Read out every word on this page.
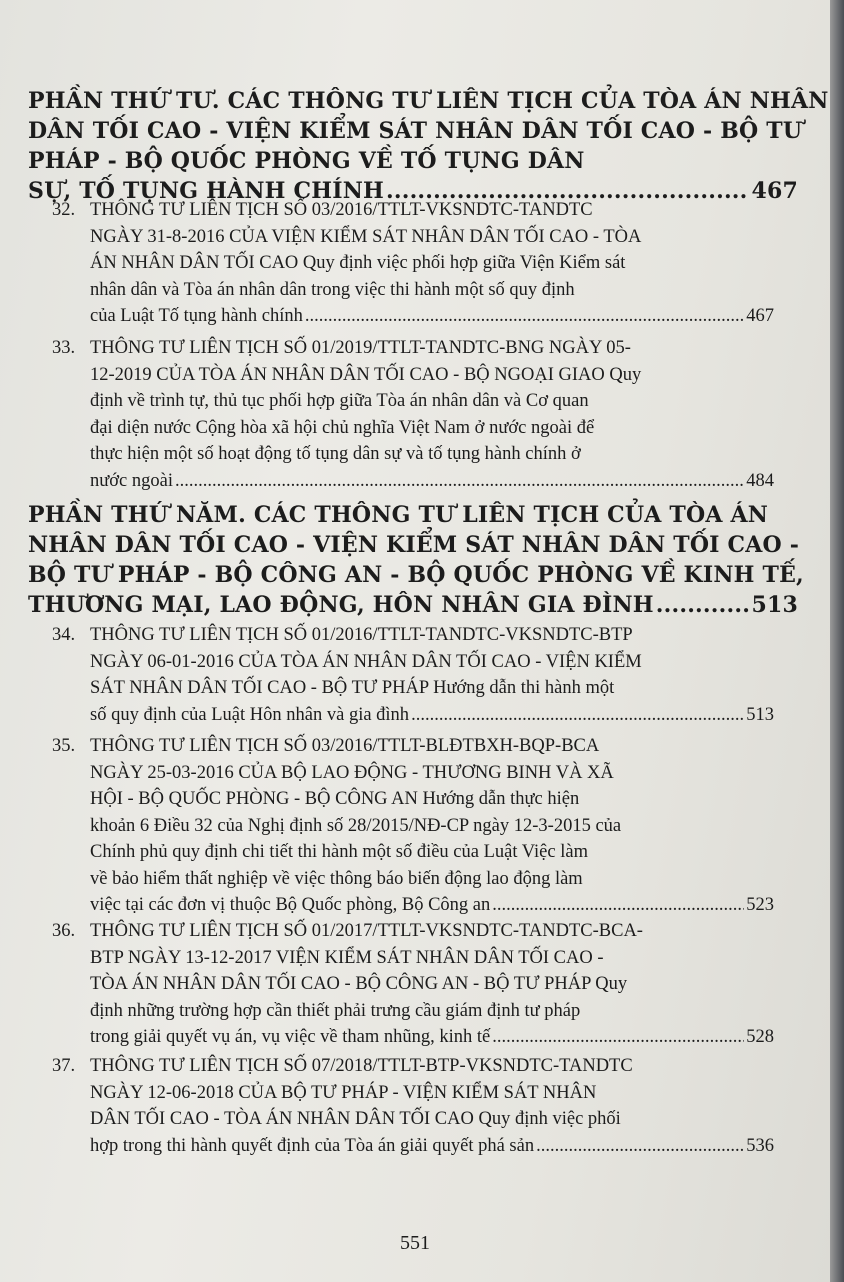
PHẦN THỨ TƯ. CÁC THÔNG TƯ LIÊN TỊCH CỦA TÒA ÁN NHÂN
DÂN TỐI CAO - VIỆN KIỂM SÁT NHÂN DÂN TỐI CAO - BỘ TƯ
PHÁP - BỘ QUỐC PHÒNG VỀ TỐ TỤNG DÂN
SỰ, TỐ TỤNG HÀNH CHÍNH .....	467
32. THÔNG TƯ LIÊN TỊCH SỐ 03/2016/TTLT-VKSNDTC-TANDTC
NGÀY 31-8-2016 CỦA VIỆN KIỂM SÁT NHÂN DÂN TỐI CAO - TÒA
ÁN NHÂN DÂN TỐI CAO Quy định việc phối hợp giữa Viện Kiểm sát
nhân dân và Tòa án nhân dân trong việc thi hành một số quy định
của Luật Tố tụng hành chính .....	467
33. THÔNG TƯ LIÊN TỊCH SỐ 01/2019/TTLT-TANDTC-BNG NGÀY 05-
12-2019 CỦA TÒA ÁN NHÂN DÂN TỐI CAO - BỘ NGOẠI GIAO Quy
định về trình tự, thủ tục phối hợp giữa Tòa án nhân dân và Cơ quan
đại diện nước Cộng hòa xã hội chủ nghĩa Việt Nam ở nước ngoài để
thực hiện một số hoạt động tố tụng dân sự và tố tụng hành chính ở
nước ngoài .....	484
PHẦN THỨ NĂM. CÁC THÔNG TƯ LIÊN TỊCH CỦA TÒA ÁN
NHÂN DÂN TỐI CAO - VIỆN KIỂM SÁT NHÂN DÂN TỐI CAO -
BỘ TƯ PHÁP - BỘ CÔNG AN - BỘ QUỐC PHÒNG VỀ KINH TẾ,
THƯƠNG MẠI, LAO ĐỘNG, HÔN NHÂN GIA ĐÌNH .....	513
34. THÔNG TƯ LIÊN TỊCH SỐ 01/2016/TTLT-TANDTC-VKSNDTC-BTP
NGÀY 06-01-2016 CỦA TÒA ÁN NHÂN DÂN TỐI CAO - VIỆN KIỂM
SÁT NHÂN DÂN TỐI CAO - BỘ TƯ PHÁP Hướng dẫn thi hành một
số quy định của Luật Hôn nhân và gia đình .....	513
35. THÔNG TƯ LIÊN TỊCH SỐ 03/2016/TTLT-BLĐTBXH-BQP-BCA
NGÀY 25-03-2016 CỦA BỘ LAO ĐỘNG - THƯƠNG BINH VÀ XÃ
HỘI - BỘ QUỐC PHÒNG - BỘ CÔNG AN Hướng dẫn thực hiện
khoản 6 Điều 32 của Nghị định số 28/2015/NĐ-CP ngày 12-3-2015 của
Chính phủ quy định chi tiết thi hành một số điều của Luật Việc làm
về bảo hiểm thất nghiệp về việc thông báo biến động lao động làm
việc tại các đơn vị thuộc Bộ Quốc phòng, Bộ Công an .....	523
36. THÔNG TƯ LIÊN TỊCH SỐ 01/2017/TTLT-VKSNDTC-TANDTC-BCA-
BTP NGÀY 13-12-2017 VIỆN KIỂM SÁT NHÂN DÂN TỐI CAO -
TÒA ÁN NHÂN DÂN TỐI CAO - BỘ CÔNG AN - BỘ TƯ PHÁP Quy
định những trường hợp cần thiết phải trưng cầu giám định tư pháp
trong giải quyết vụ án, vụ việc về tham nhũng, kinh tế .....	528
37. THÔNG TƯ LIÊN TỊCH SỐ 07/2018/TTLT-BTP-VKSNDTC-TANDTC
NGÀY 12-06-2018 CỦA BỘ TƯ PHÁP - VIỆN KIỂM SÁT NHÂN
DÂN TỐI CAO - TÒA ÁN NHÂN DÂN TỐI CAO Quy định việc phối
hợp trong thi hành quyết định của Tòa án giải quyết phá sản .....	536
551
